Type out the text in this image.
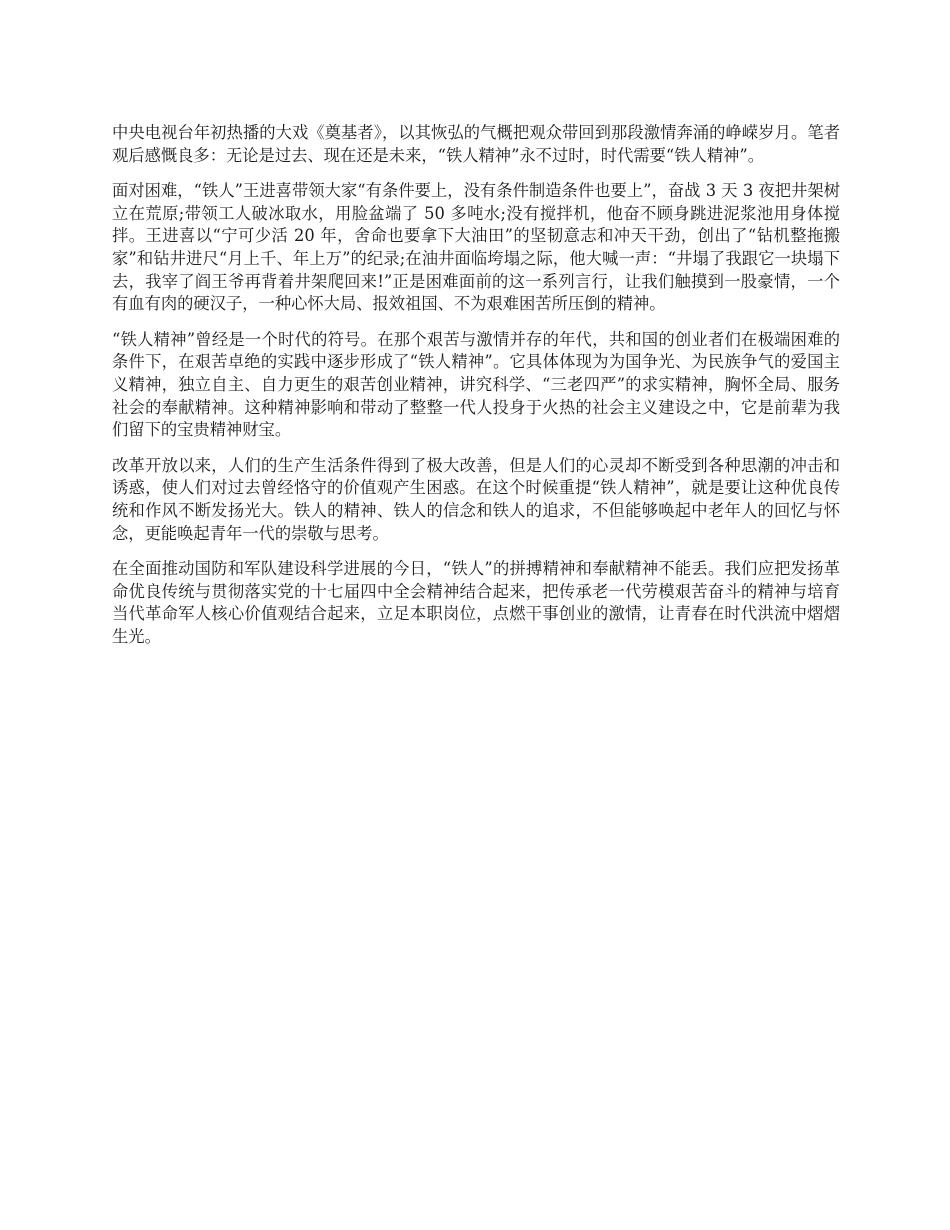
中央电视台年初热播的大戏《奠基者》，以其恢弘的气概把观众带回到那段激情奔涌的峥嵘岁月。笔者观后感慨良多：无论是过去、现在还是未来，“铁人精神”永不过时，时代需要“铁人精神”。

面对困难，“铁人”王进喜带领大家“有条件要上，没有条件制造条件也要上”，奋战 3 天 3 夜把井架树立在荒原;带领工人破冰取水，用脸盆端了 50 多吨水;没有搅拌机，他奋不顾身跳进泥浆池用身体搅拌。王进喜以“宁可少活 20 年，舍命也要拿下大油田”的坚韧意志和冲天干劲，创出了“钻机整拖搬家”和钻井进尺“月上千、年上万”的纪录;在油井面临垮塌之际，他大喊一声：“井塌了我跟它一块塌下去，我宰了阎王爷再背着井架爬回来!”正是困难面前的这一系列言行，让我们触摸到一股豪情，一个有血有肉的硬汉子，一种心怀大局、报效祖国、不为艰难困苦所压倒的精神。

“铁人精神”曾经是一个时代的符号。在那个艰苦与激情并存的年代，共和国的创业者们在极端困难的条件下，在艰苦卓绝的实践中逐步形成了“铁人精神”。它具体体现为为国争光、为民族争气的爱国主义精神，独立自主、自力更生的艰苦创业精神，讲究科学、“三老四严”的求实精神，胸怀全局、服务社会的奉献精神。这种精神影响和带动了整整一代人投身于火热的社会主义建设之中，它是前辈为我们留下的宝贵精神财宝。

改革开放以来，人们的生产生活条件得到了极大改善，但是人们的心灵却不断受到各种思潮的冲击和诱惑，使人们对过去曾经恪守的价值观产生困惑。在这个时候重提“铁人精神”，就是要让这种优良传统和作风不断发扬光大。铁人的精神、铁人的信念和铁人的追求，不但能够唤起中老年人的回忆与怀念，更能唤起青年一代的崇敬与思考。

在全面推动国防和军队建设科学进展的今日，“铁人”的拼搏精神和奉献精神不能丢。我们应把发扬革命优良传统与贯彻落实党的十七届四中全会精神结合起来，把传承老一代劳模艰苦奋斗的精神与培育当代革命军人核心价值观结合起来，立足本职岗位，点燃干事创业的激情，让青春在时代洪流中熠熠生光。
